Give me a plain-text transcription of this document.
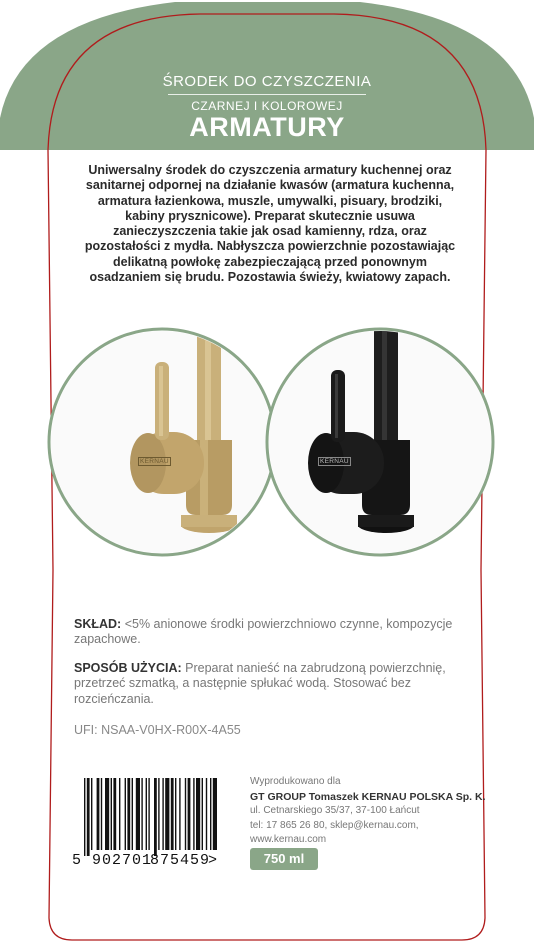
KERNAU	KERNAU
ŚRODEK DO CZYSZCZENIA
CZARNEJ I KOLOROWEJ
ARMATURY
Uniwersalny środek do czyszczenia armatury kuchennej oraz sanitarnej odpornej na działanie kwasów (armatura kuchenna, armatura łazienkowa, muszle, umywalki, pisuary, brodziki, kabiny prysznicowe). Preparat skutecznie usuwa zanieczyszczenia takie jak osad kamienny, rdza, oraz pozostałości z mydła. Nabłyszcza powierzchnie pozostawiając delikatną powłokę zabezpieczającą przed ponownym osadzaniem się brudu. Pozostawia świeży, kwiatowy zapach.
SKŁAD: <5% anionowe środki powierzchniowo czynne, kompozycje zapachowe.
SPOSÓB UŻYCIA: Preparat nanieść na zabrudzoną powierzchnię, przetrzeć szmatką, a następnie spłukać wodą. Stosować bez rozcieńczania.
UFI: NSAA-V0HX-R00X-4A55
Wyprodukowano dla
GT GROUP Tomaszek KERNAU POLSKA Sp. K.
ul. Cetnarskiego 35/37, 37-100 Łańcut
tel: 17 865 26 80, sklep@kernau.com,
www.kernau.com
750 ml
5 902701
875459
>
